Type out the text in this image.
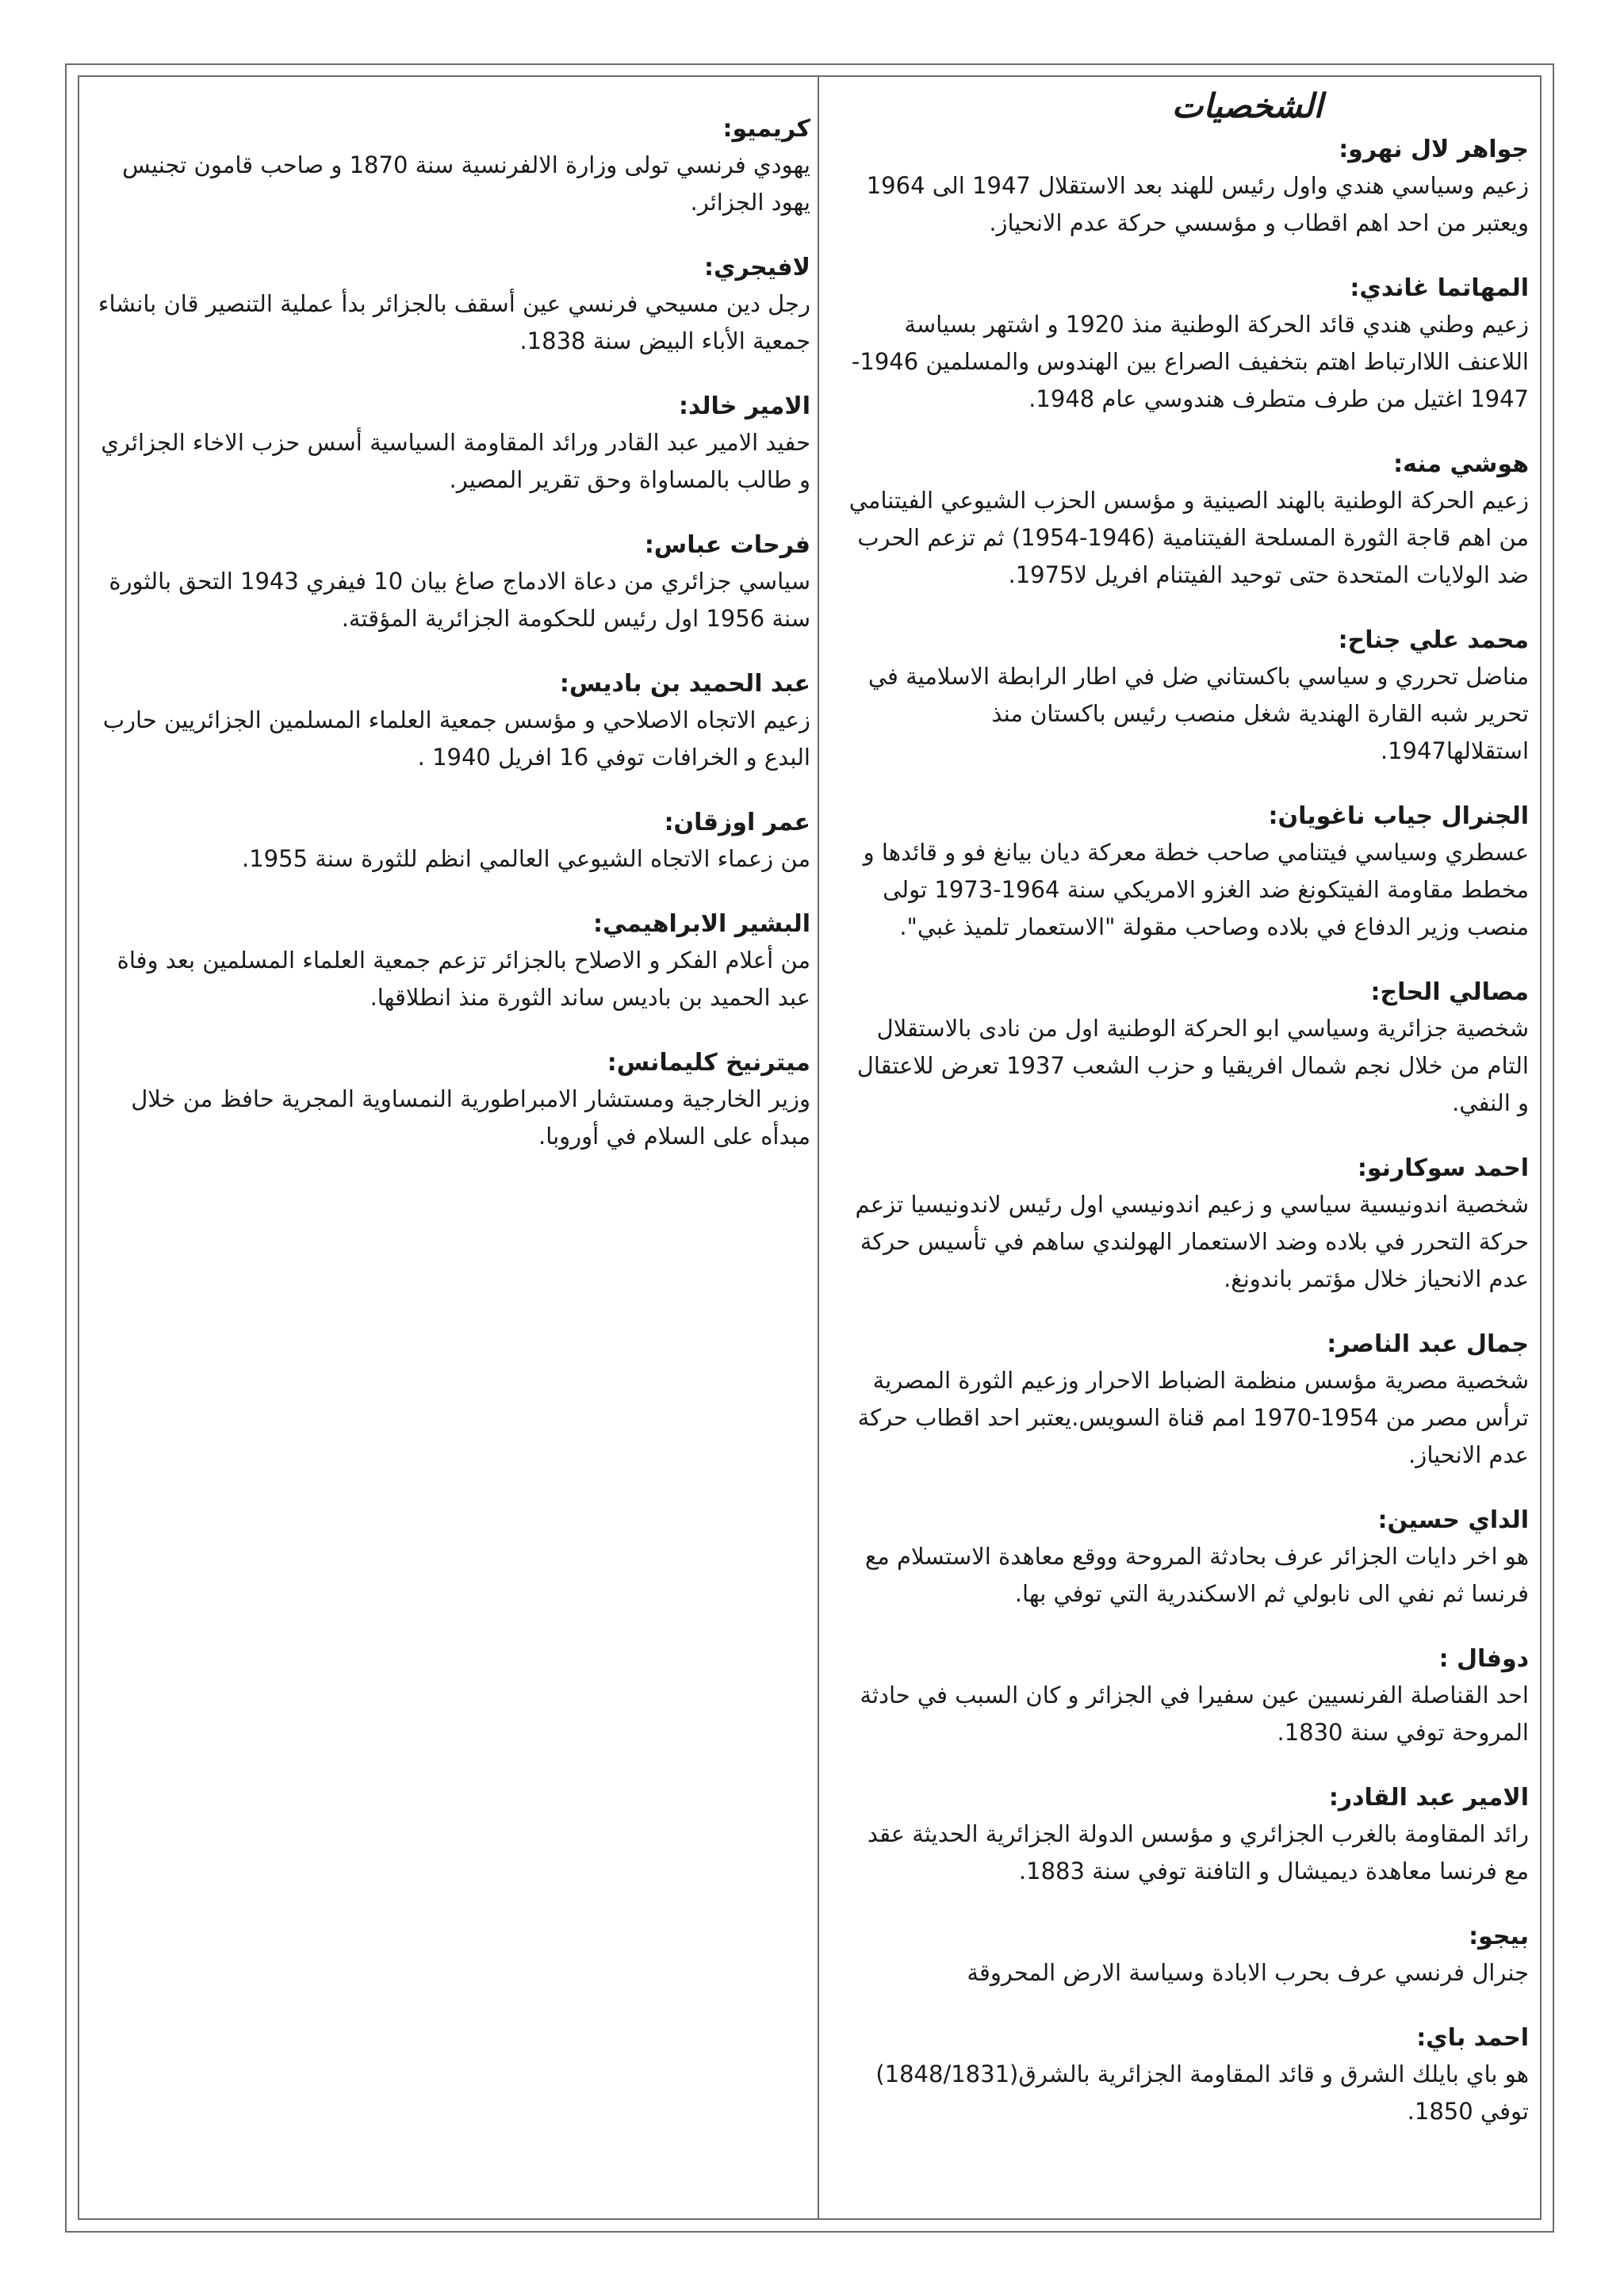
الشخصيات
جواهر لال نهرو:
زعيم وسياسي هندي واول رئيس للهند بعد الاستقلال 1947 الى 1964 ويعتبر من احد اهم اقطاب و مؤسسي حركة عدم الانحياز.
المهاتما غاندي:
زعيم وطني هندي قائد الحركة الوطنية منذ 1920 و اشتهر بسياسة اللاعنف اللاارتباط اهتم بتخفيف الصراع بين الهندوس والمسلمين 1946-1947 اغتيل من طرف متطرف هندوسي عام 1948.
هوشي منه:
زعيم الحركة الوطنية بالهند الصينية و مؤسس الحزب الشيوعي الفيتنامي من اهم قاجة الثورة المسلحة الفيتنامية (1946-1954) ثم تزعم الحرب ضد الولايات المتحدة حتى توحيد الفيتنام افريل لا1975.
محمد علي جناح:
مناضل تحرري و سياسي باكستاني ضل في اطار الرابطة الاسلامية في تحرير شبه القارة الهندية شغل منصب رئيس باكستان منذ استقلالها1947.
الجنرال جياب ناغويان:
عسطري وسياسي فيتنامي صاحب خطة معركة ديان بيانغ فو و قائدها و مخطط مقاومة الفيتكونغ ضد الغزو الامريكي سنة 1964-1973 تولى منصب وزير الدفاع في بلاده وصاحب مقولة "الاستعمار تلميذ غبي".
مصالي الحاج:
شخصية جزائرية وسياسي ابو الحركة الوطنية اول من نادى بالاستقلال التام من خلال نجم شمال افريقيا و حزب الشعب 1937 تعرض للاعتقال و النفي.
احمد سوكارنو:
شخصية اندونيسية سياسي و زعيم اندونيسي اول رئيس لاندونيسيا تزعم حركة التحرر في بلاده وضد الاستعمار الهولندي ساهم في تأسيس حركة عدم الانحياز خلال مؤتمر باندونغ.
جمال عبد الناصر:
شخصية مصرية مؤسس منظمة الضباط الاحرار وزعيم الثورة المصرية ترأس مصر من 1954-1970 امم قناة السويس.يعتبر احد اقطاب حركة عدم الانحياز.
الداي حسين:
هو اخر دايات الجزائر عرف بحادثة المروحة ووقع معاهدة الاستسلام مع فرنسا ثم نفي الى نابولي ثم الاسكندرية التي توفي بها.
دوفال :
احد القناصلة الفرنسيين عين سفيرا في الجزائر و كان السبب في حادثة المروحة توفي سنة 1830.
الامير عبد القادر:
رائد المقاومة بالغرب الجزائري و مؤسس الدولة الجزائرية الحديثة عقد مع فرنسا معاهدة ديميشال و التافنة توفي سنة 1883.
بيجو:
جنرال فرنسي عرف بحرب الابادة وسياسة الارض المحروقة
احمد باي:
هو باي بايلك الشرق و قائد المقاومة الجزائرية بالشرق(1848/1831) توفي 1850.
كريميو:
يهودي فرنسي تولى وزارة الالفرنسية سنة 1870 و صاحب قامون تجنيس يهود الجزائر.
لافيجري:
رجل دين مسيحي فرنسي عين أسقف بالجزائر بدأ عملية التنصير قان بانشاء جمعية الأباء البيض سنة 1838.
الامير خالد:
حفيد الامير عبد القادر ورائد المقاومة السياسية أسس حزب الاخاء الجزائري و طالب بالمساواة وحق تقرير المصير.
فرحات عباس:
سياسي جزائري من دعاة الادماج صاغ بيان 10 فيفري 1943 التحق بالثورة سنة 1956 اول رئيس للحكومة الجزائرية المؤقتة.
عبد الحميد بن باديس:
زعيم الاتجاه الاصلاحي و مؤسس جمعية العلماء المسلمين الجزائريين حارب البدع و الخرافات توفي 16 افريل 1940 .
عمر اوزقان:
من زعماء الاتجاه الشيوعي العالمي انظم للثورة سنة 1955.
البشير الابراهيمي:
من أعلام الفكر و الاصلاح بالجزائر تزعم جمعية العلماء المسلمين بعد وفاة عبد الحميد بن باديس ساند الثورة منذ انطلاقها.
ميترنيخ كليمانس:
وزير الخارجية ومستشار الامبراطورية النمساوية المجرية حافظ من خلال مبدأه على السلام في أوروبا.
